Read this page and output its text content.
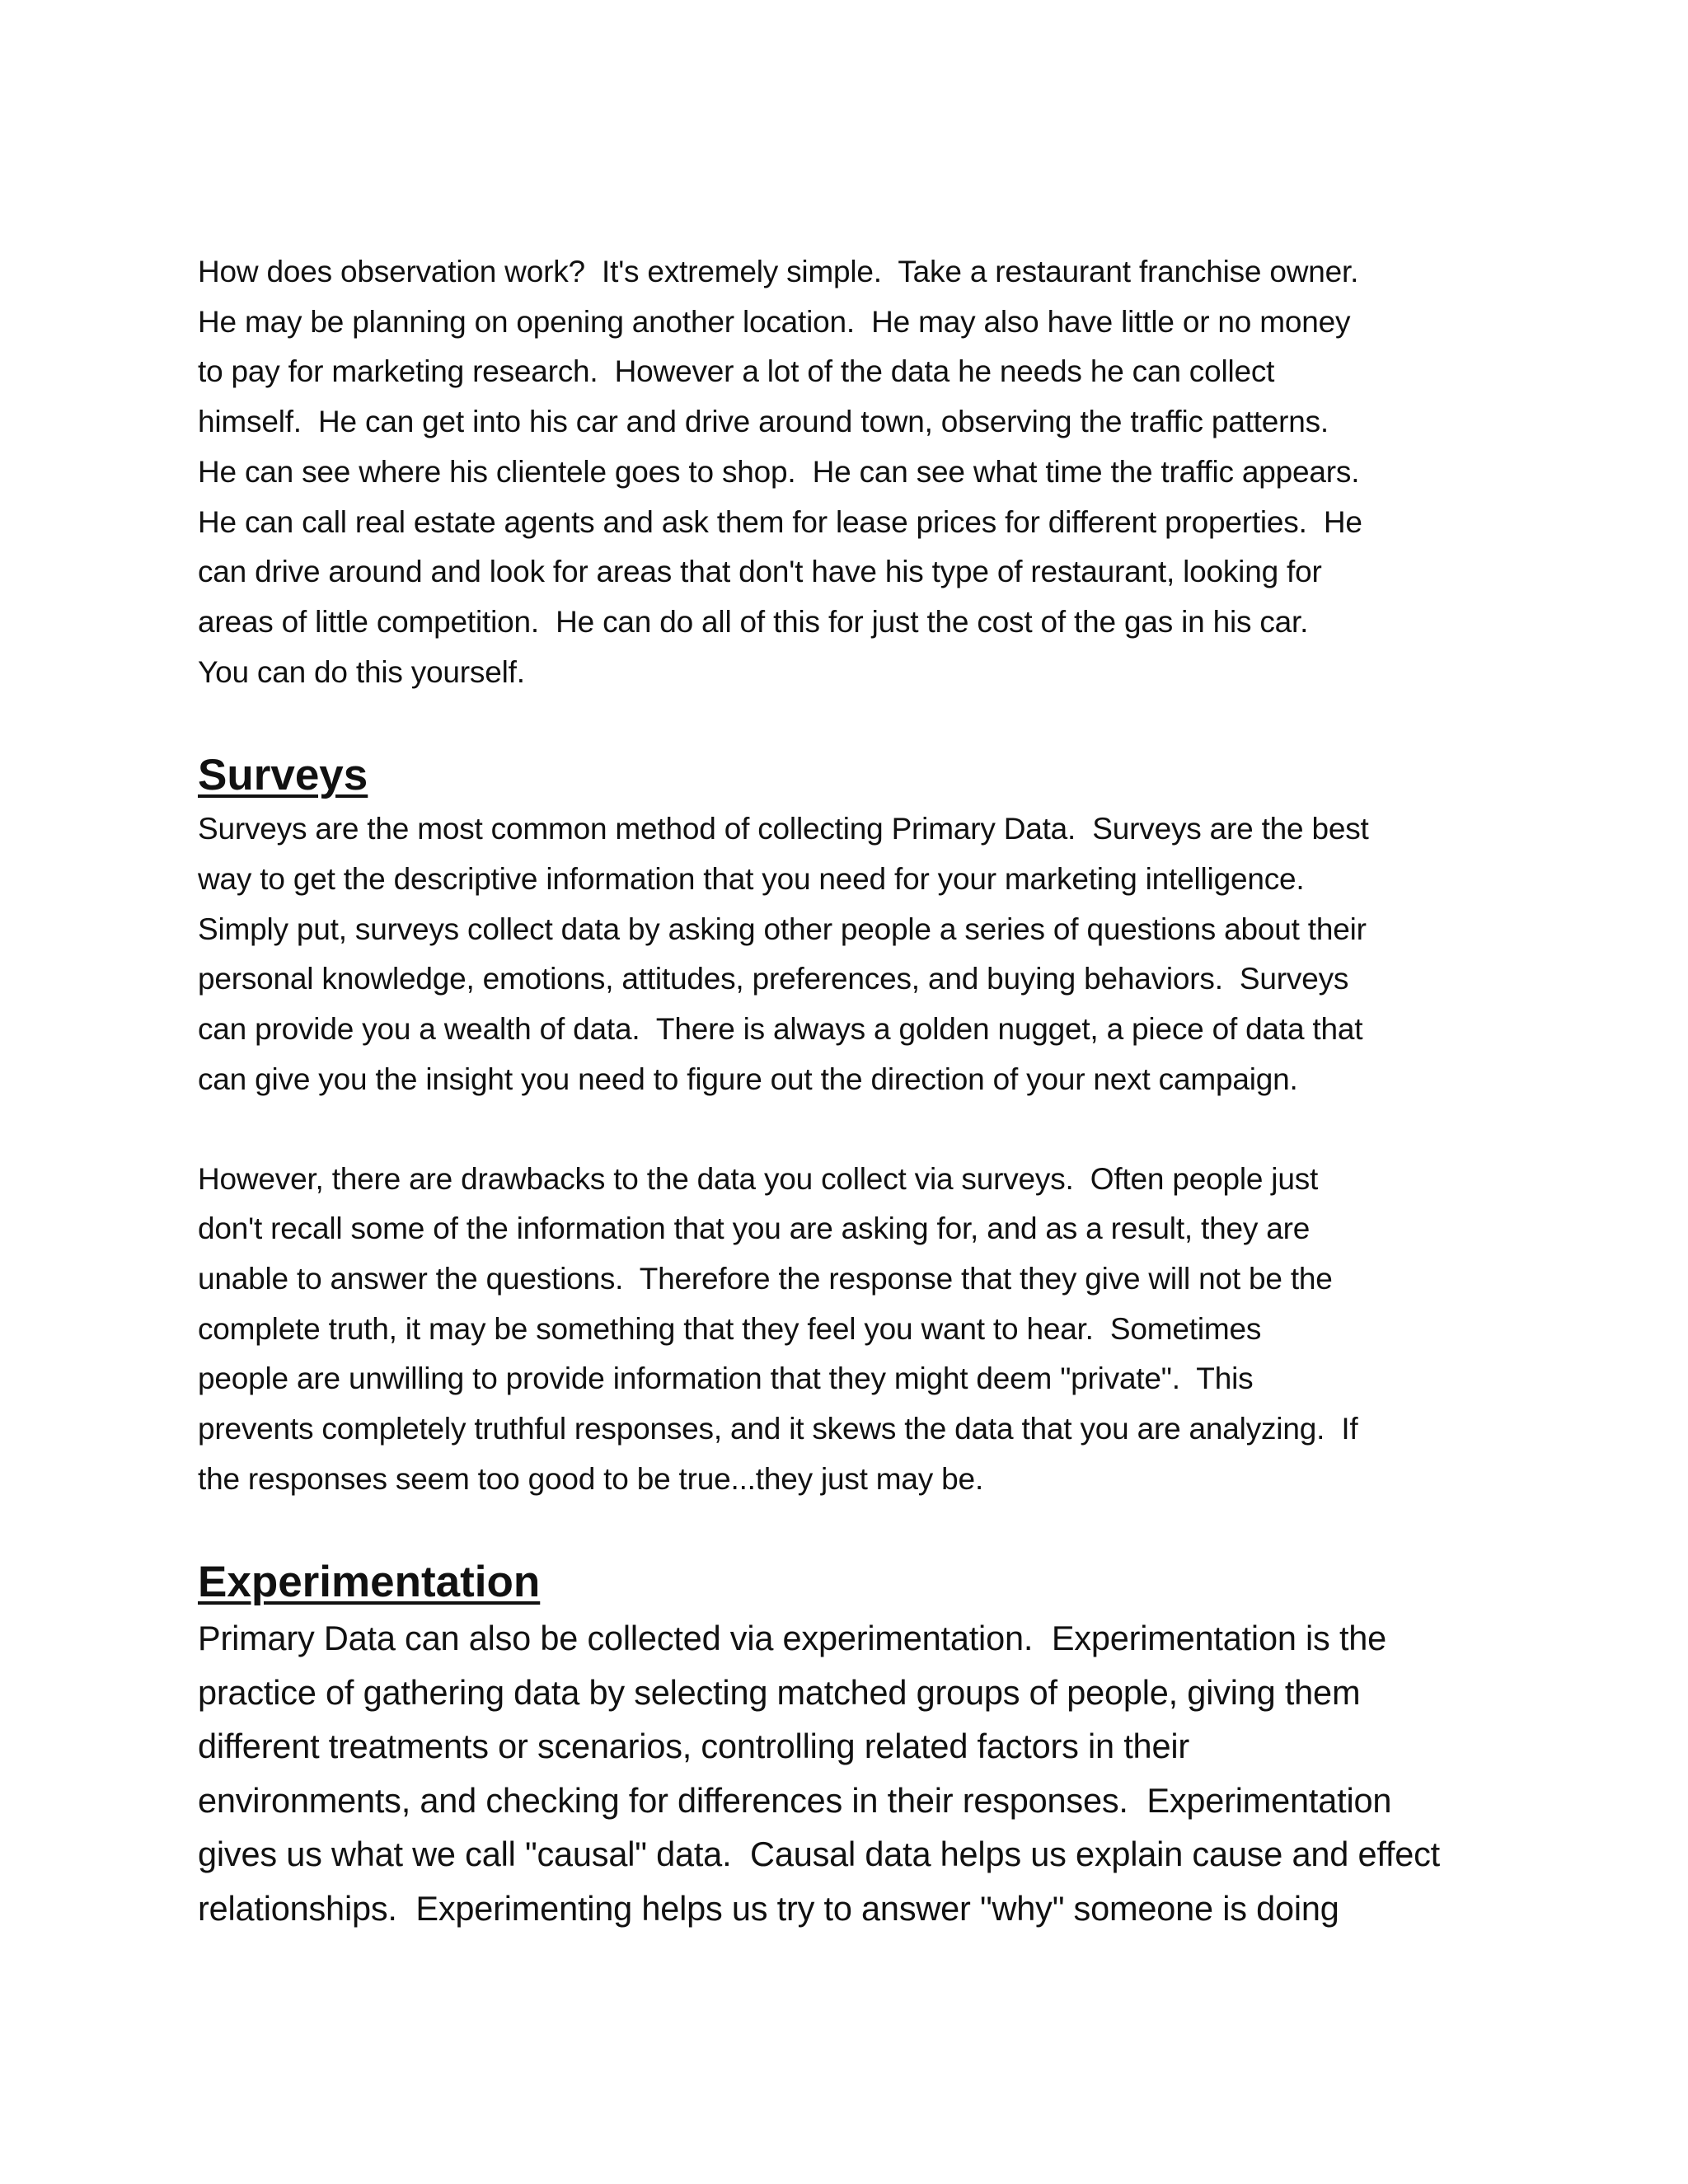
How does observation work?  It's extremely simple.  Take a restaurant franchise owner.
He may be planning on opening another location.  He may also have little or no money
to pay for marketing research.  However a lot of the data he needs he can collect
himself.  He can get into his car and drive around town, observing the traffic patterns.
He can see where his clientele goes to shop.  He can see what time the traffic appears.
He can call real estate agents and ask them for lease prices for different properties.  He
can drive around and look for areas that don't have his type of restaurant, looking for
areas of little competition.  He can do all of this for just the cost of the gas in his car.
You can do this yourself.
Surveys
Surveys are the most common method of collecting Primary Data.  Surveys are the best
way to get the descriptive information that you need for your marketing intelligence.
Simply put, surveys collect data by asking other people a series of questions about their
personal knowledge, emotions, attitudes, preferences, and buying behaviors.  Surveys
can provide you a wealth of data.  There is always a golden nugget, a piece of data that
can give you the insight you need to figure out the direction of your next campaign.
However, there are drawbacks to the data you collect via surveys.  Often people just
don't recall some of the information that you are asking for, and as a result, they are
unable to answer the questions.  Therefore the response that they give will not be the
complete truth, it may be something that they feel you want to hear.  Sometimes
people are unwilling to provide information that they might deem "private".  This
prevents completely truthful responses, and it skews the data that you are analyzing.  If
the responses seem too good to be true...they just may be.
Experimentation
Primary Data can also be collected via experimentation.  Experimentation is the
practice of gathering data by selecting matched groups of people, giving them
different treatments or scenarios, controlling related factors in their
environments, and checking for differences in their responses.  Experimentation
gives us what we call "causal" data.  Causal data helps us explain cause and effect
relationships.  Experimenting helps us try to answer "why" someone is doing
